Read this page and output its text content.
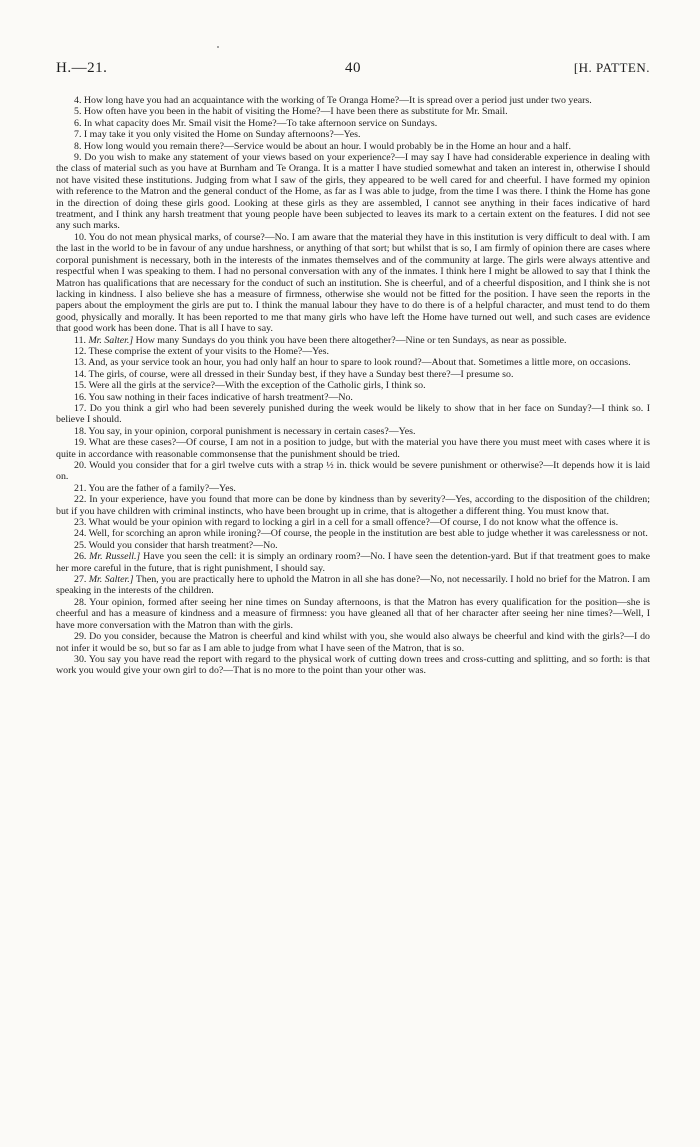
H.—21.	40	[H. PATTEN.

4. How long have you had an acquaintance with the working of Te Oranga Home?—It is spread over a period just under two years.

5. How often have you been in the habit of visiting the Home?—I have been there as substitute for Mr. Smail.

6. In what capacity does Mr. Smail visit the Home?—To take afternoon service on Sundays.

7. I may take it you only visited the Home on Sunday afternoons?—Yes.

8. How long would you remain there?—Service would be about an hour. I would probably be in the Home an hour and a half.

9. Do you wish to make any statement of your views based on your experience?—I may say I have had considerable experience in dealing with the class of material such as you have at Burnham and Te Oranga. It is a matter I have studied somewhat and taken an interest in, otherwise I should not have visited these institutions. Judging from what I saw of the girls, they appeared to be well cared for and cheerful. I have formed my opinion with reference to the Matron and the general conduct of the Home, as far as I was able to judge, from the time I was there. I think the Home has gone in the direction of doing these girls good. Looking at these girls as they are assembled, I cannot see anything in their faces indicative of hard treatment, and I think any harsh treatment that young people have been subjected to leaves its mark to a certain extent on the features. I did not see any such marks.

10. You do not mean physical marks, of course?—No. I am aware that the material they have in this institution is very difficult to deal with. I am the last in the world to be in favour of any undue harshness, or anything of that sort; but whilst that is so, I am firmly of opinion there are cases where corporal punishment is necessary, both in the interests of the inmates themselves and of the community at large. The girls were always attentive and respectful when I was speaking to them. I had no personal conversation with any of the inmates. I think here I might be allowed to say that I think the Matron has qualifications that are necessary for the conduct of such an institution. She is cheerful, and of a cheerful disposition, and I think she is not lacking in kindness. I also believe she has a measure of firmness, otherwise she would not be fitted for the position. I have seen the reports in the papers about the employment the girls are put to. I think the manual labour they have to do there is of a helpful character, and must tend to do them good, physically and morally. It has been reported to me that many girls who have left the Home have turned out well, and such cases are evidence that good work has been done. That is all I have to say.

11. Mr. Salter.] How many Sundays do you think you have been there altogether?—Nine or ten Sundays, as near as possible.

12. These comprise the extent of your visits to the Home?—Yes.

13. And, as your service took an hour, you had only half an hour to spare to look round?—About that. Sometimes a little more, on occasions.

14. The girls, of course, were all dressed in their Sunday best, if they have a Sunday best there?—I presume so.

15. Were all the girls at the service?—With the exception of the Catholic girls, I think so.

16. You saw nothing in their faces indicative of harsh treatment?—No.

17. Do you think a girl who had been severely punished during the week would be likely to show that in her face on Sunday?—I think so. I believe I should.

18. You say, in your opinion, corporal punishment is necessary in certain cases?—Yes.

19. What are these cases?—Of course, I am not in a position to judge, but with the material you have there you must meet with cases where it is quite in accordance with reasonable commonsense that the punishment should be tried.

20. Would you consider that for a girl twelve cuts with a strap ½ in. thick would be severe punishment or otherwise?—It depends how it is laid on.

21. You are the father of a family?—Yes.

22. In your experience, have you found that more can be done by kindness than by severity?—Yes, according to the disposition of the children; but if you have children with criminal instincts, who have been brought up in crime, that is altogether a different thing. You must know that.

23. What would be your opinion with regard to locking a girl in a cell for a small offence?—Of course, I do not know what the offence is.

24. Well, for scorching an apron while ironing?—Of course, the people in the institution are best able to judge whether it was carelessness or not.

25. Would you consider that harsh treatment?—No.

26. Mr. Russell.] Have you seen the cell: it is simply an ordinary room?—No. I have seen the detention-yard. But if that treatment goes to make her more careful in the future, that is right punishment, I should say.

27. Mr. Salter.] Then, you are practically here to uphold the Matron in all she has done?—No, not necessarily. I hold no brief for the Matron. I am speaking in the interests of the children.

28. Your opinion, formed after seeing her nine times on Sunday afternoons, is that the Matron has every qualification for the position—she is cheerful and has a measure of kindness and a measure of firmness: you have gleaned all that of her character after seeing her nine times?—Well, I have more conversation with the Matron than with the girls.

29. Do you consider, because the Matron is cheerful and kind whilst with you, she would also always be cheerful and kind with the girls?—I do not infer it would be so, but so far as I am able to judge from what I have seen of the Matron, that is so.

30. You say you have read the report with regard to the physical work of cutting down trees and cross-cutting and splitting, and so forth: is that work you would give your own girl to do?—That is no more to the point than your other was.
